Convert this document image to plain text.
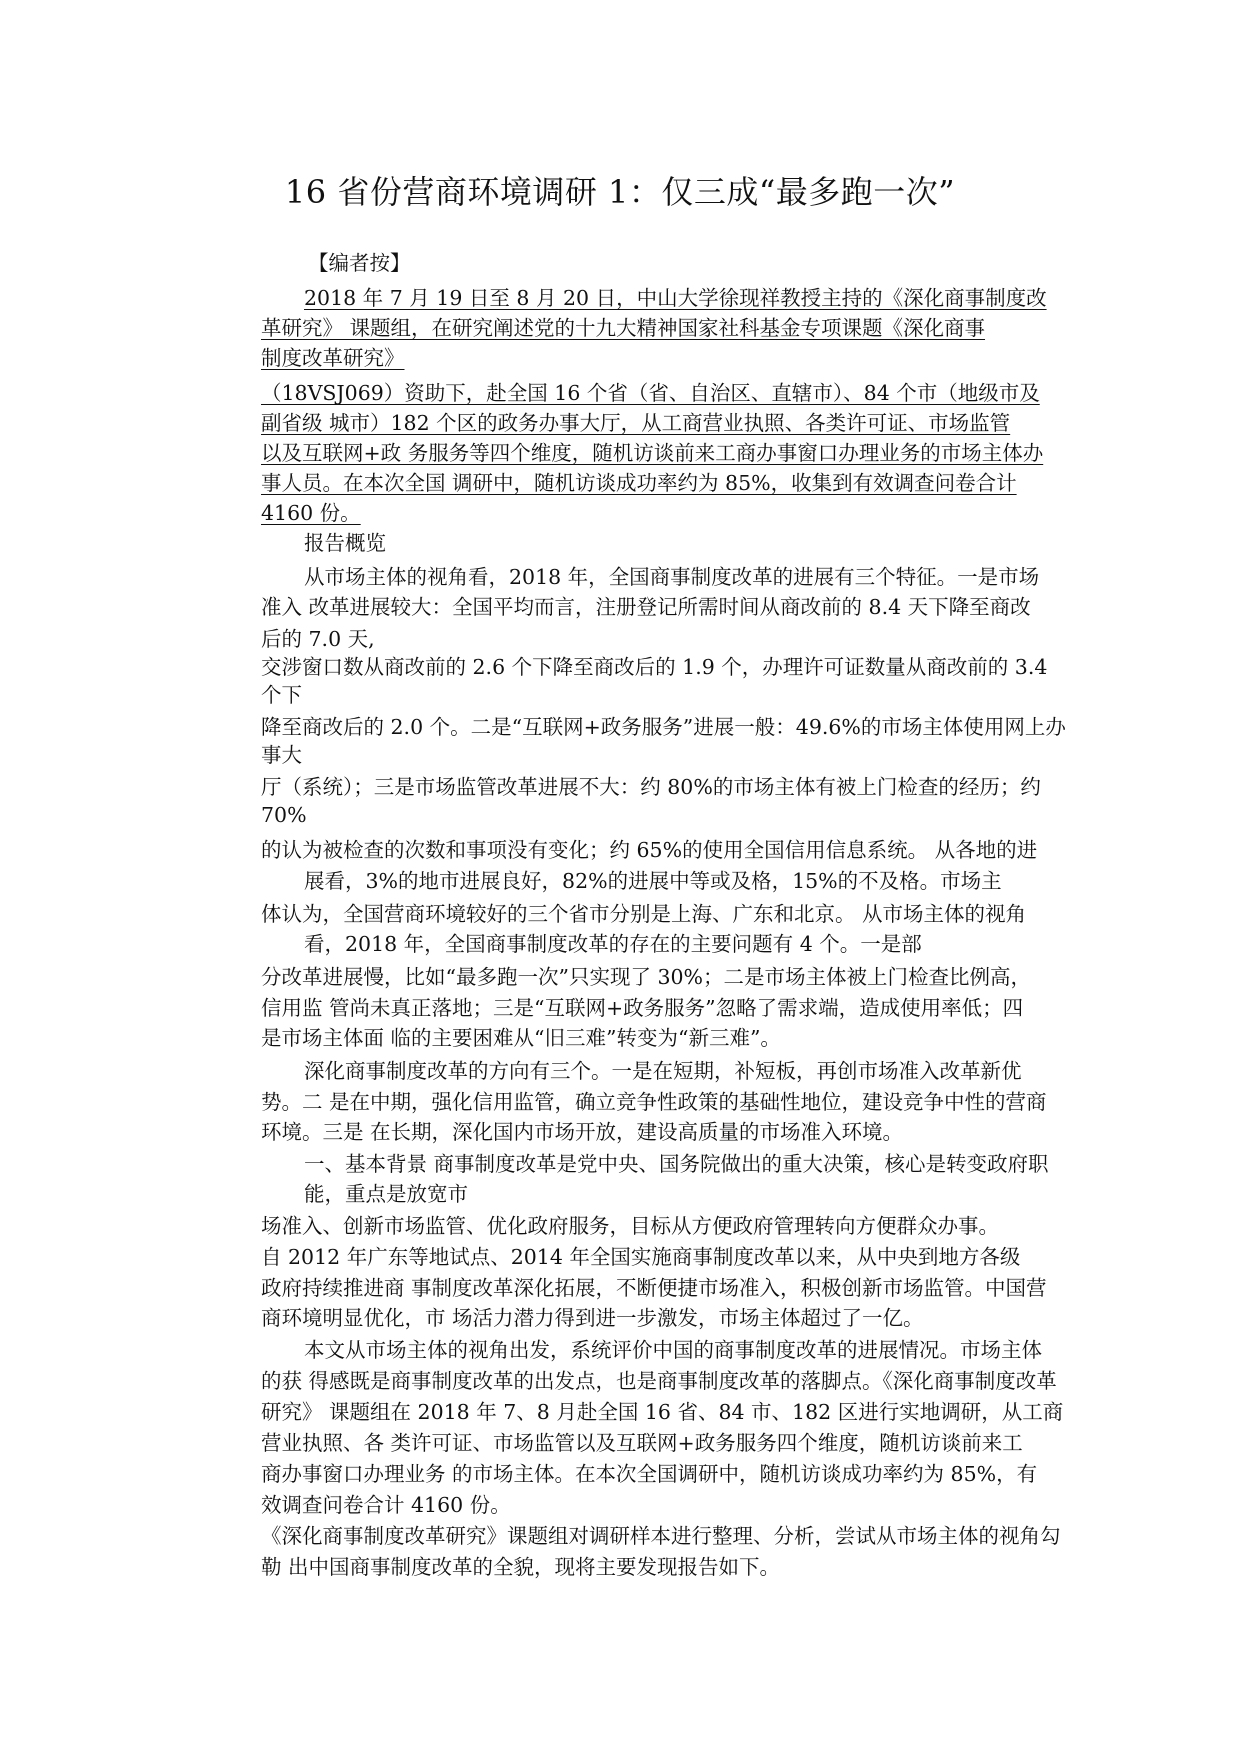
16 省份营商环境调研 1：仅三成“最多跑一次”
【编者按】
2018 年 7 月 19 日至 8 月 20 日，中山大学徐现祥教授主持的《深化商事制度改
革研究》 课题组，在研究阐述党的十九大精神国家社科基金专项课题《深化商事
制度改革研究》
（18VSJ069）资助下，赴全国 16 个省（省、自治区、直辖市）、84 个市（地级市及
副省级 城市）182 个区的政务办事大厅，从工商营业执照、各类许可证、市场监管
以及互联网+政 务服务等四个维度，随机访谈前来工商办事窗口办理业务的市场主体办
事人员。在本次全国 调研中，随机访谈成功率约为 85%，收集到有效调查问卷合计
4160 份。
报告概览
从市场主体的视角看，2018 年，全国商事制度改革的进展有三个特征。一是市场
准入 改革进展较大：全国平均而言，注册登记所需时间从商改前的 8.4 天下降至商改
后的 7.0 天,
交涉窗口数从商改前的 2.6 个下降至商改后的 1.9 个，办理许可证数量从商改前的 3.4
个下
降至商改后的 2.0 个。二是“互联网+政务服务”进展一般：49.6%的市场主体使用网上办
事大
厅（系统）；三是市场监管改革进展不大：约 80%的市场主体有被上门检查的经历；约
70%
的认为被检查的次数和事项没有变化；约 65%的使用全国信用信息系统。 从各地的进
展看，3%的地市进展良好，82%的进展中等或及格，15%的不及格。市场主
体认为，全国营商环境较好的三个省市分别是上海、广东和北京。 从市场主体的视角
看，2018 年，全国商事制度改革的存在的主要问题有 4 个。一是部
分改革进展慢，比如“最多跑一次”只实现了 30%；二是市场主体被上门检查比例高，
信用监 管尚未真正落地；三是“互联网+政务服务”忽略了需求端，造成使用率低；四
是市场主体面 临的主要困难从“旧三难”转变为“新三难”。
深化商事制度改革的方向有三个。一是在短期，补短板，再创市场准入改革新优
势。二 是在中期，强化信用监管，确立竞争性政策的基础性地位，建设竞争中性的营商
环境。三是 在长期，深化国内市场开放，建设高质量的市场准入环境。
一、基本背景 商事制度改革是党中央、国务院做出的重大决策，核心是转变政府职
能，重点是放宽市
场准入、创新市场监管、优化政府服务，目标从方便政府管理转向方便群众办事。
自 2012 年广东等地试点、2014 年全国实施商事制度改革以来，从中央到地方各级
政府持续推进商 事制度改革深化拓展，不断便捷市场准入，积极创新市场监管。中国营
商环境明显优化，市 场活力潜力得到进一步激发，市场主体超过了一亿。
本文从市场主体的视角出发，系统评价中国的商事制度改革的进展情况。市场主体
的获 得感既是商事制度改革的出发点，也是商事制度改革的落脚点。《深化商事制度改革
研究》 课题组在 2018 年 7、8 月赴全国 16 省、84 市、182 区进行实地调研，从工商
营业执照、各 类许可证、市场监管以及互联网+政务服务四个维度，随机访谈前来工
商办事窗口办理业务 的市场主体。在本次全国调研中，随机访谈成功率约为 85%，有
效调查问卷合计 4160 份。
《深化商事制度改革研究》课题组对调研样本进行整理、分析，尝试从市场主体的视角勾
勒 出中国商事制度改革的全貌，现将主要发现报告如下。
